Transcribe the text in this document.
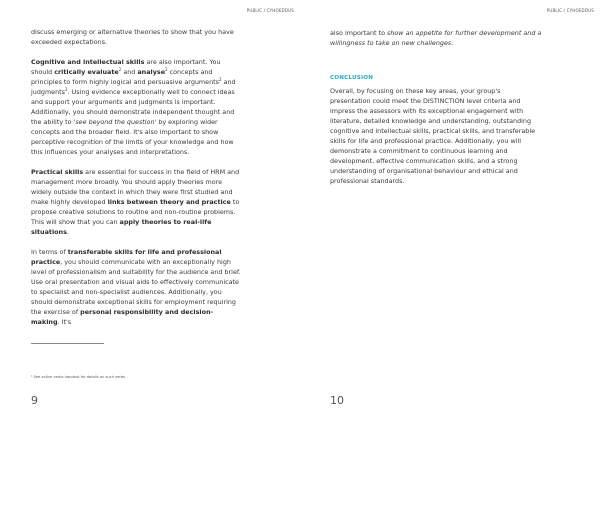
PUBLIC / CYHOEDDUS

discuss emerging or alternative theories to show that you have exceeded expectations.

Cognitive and intellectual skills are also important. You should critically evaluate$^2$ and analyse$^2$ concepts and principles to form highly logical and persuasive arguments$^2$ and judgments$^2$. Using evidence exceptionally well to connect ideas and support your arguments and judgments is important. Additionally, you should demonstrate independent thought and the ability to 'see beyond the question' by exploring wider concepts and the broader field. It's also important to show perceptive recognition of the limits of your knowledge and how this influences your analyses and interpretations.

Practical skills are essential for success in the field of HRM and management more broadly. You should apply theories more widely outside the context in which they were first studied and make highly developed links between theory and practice to propose creative solutions to routine and non-routine problems. This will show that you can apply theories to real-life situations.

In terms of transferable skills for life and professional practice, you should communicate with an exceptionally high level of professionalism and suitability for the audience and brief. Use oral presentation and visual aids to effectively communicate to specialist and non-specialist audiences. Additionally, you should demonstrate exceptional skills for employment requiring the exercise of personal responsibility and decision-making. It's

² See active verbs handout for details on such verbs
9
PUBLIC / CYHOEDDUS

also important to show an appetite for further development and a willingness to take on new challenges.

CONCLUSION

Overall, by focusing on these key areas, your group's presentation could meet the DISTINCTION level criteria and impress the assessors with its exceptional engagement with literature, detailed knowledge and understanding, outstanding cognitive and intellectual skills, practical skills, and transferable skills for life and professional practice. Additionally, you will demonstrate a commitment to continuous learning and development, effective communication skills, and a strong understanding of organisational behaviour and ethical and professional standards.

10
